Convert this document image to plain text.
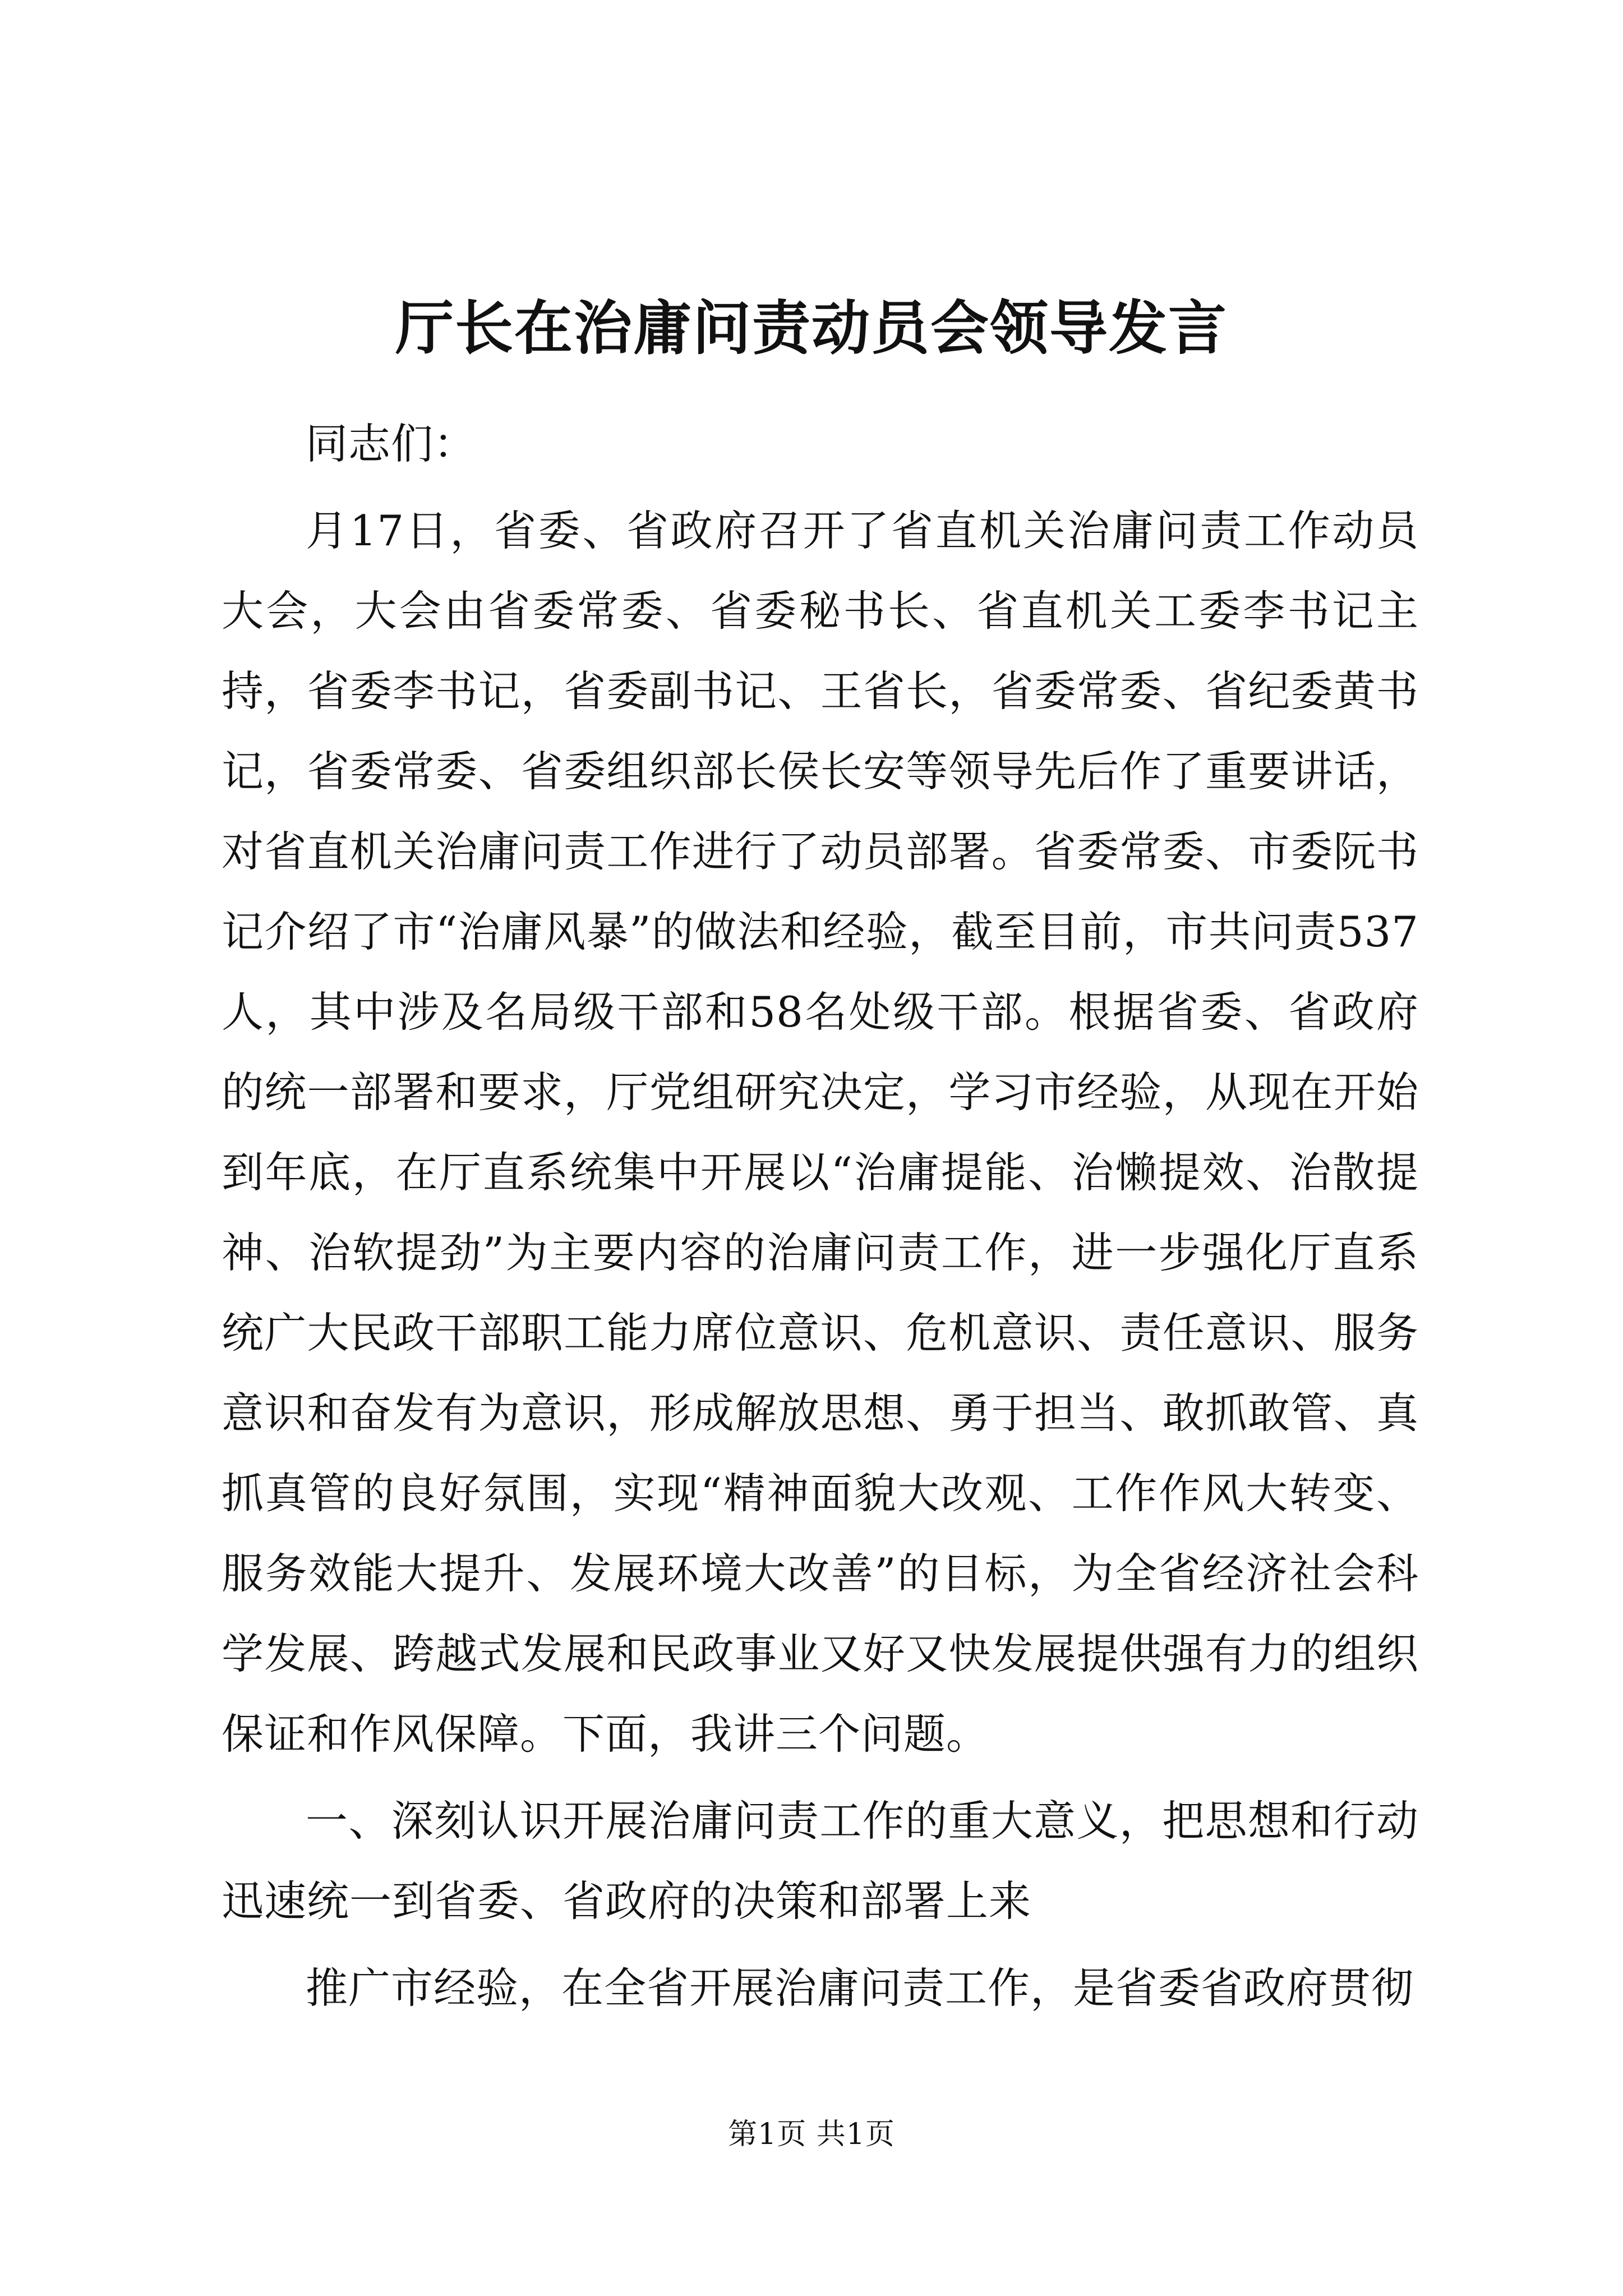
厅长在治庸问责动员会领导发言

同志们：

月17日，省委、省政府召开了省直机关治庸问责工作动员大会，大会由省委常委、省委秘书长、省直机关工委李书记主持，省委李书记，省委副书记、王省长，省委常委、省纪委黄书记，省委常委、省委组织部长侯长安等领导先后作了重要讲话，对省直机关治庸问责工作进行了动员部署。省委常委、市委阮书记介绍了市“治庸风暴”的做法和经验，截至目前，市共问责537人，其中涉及名局级干部和58名处级干部。根据省委、省政府的统一部署和要求，厅党组研究决定，学习市经验，从现在开始到年底，在厅直系统集中开展以“治庸提能、治懒提效、治散提神、治软提劲”为主要内容的治庸问责工作，进一步强化厅直系统广大民政干部职工能力席位意识、危机意识、责任意识、服务意识和奋发有为意识，形成解放思想、勇于担当、敢抓敢管、真抓真管的良好氛围，实现“精神面貌大改观、工作作风大转变、服务效能大提升、发展环境大改善”的目标，为全省经济社会科学发展、跨越式发展和民政事业又好又快发展提供强有力的组织保证和作风保障。下面，我讲三个问题。

一、深刻认识开展治庸问责工作的重大意义，把思想和行动迅速统一到省委、省政府的决策和部署上来

推广市经验，在全省开展治庸问责工作，是省委省政府贯彻

第1页 共1页
